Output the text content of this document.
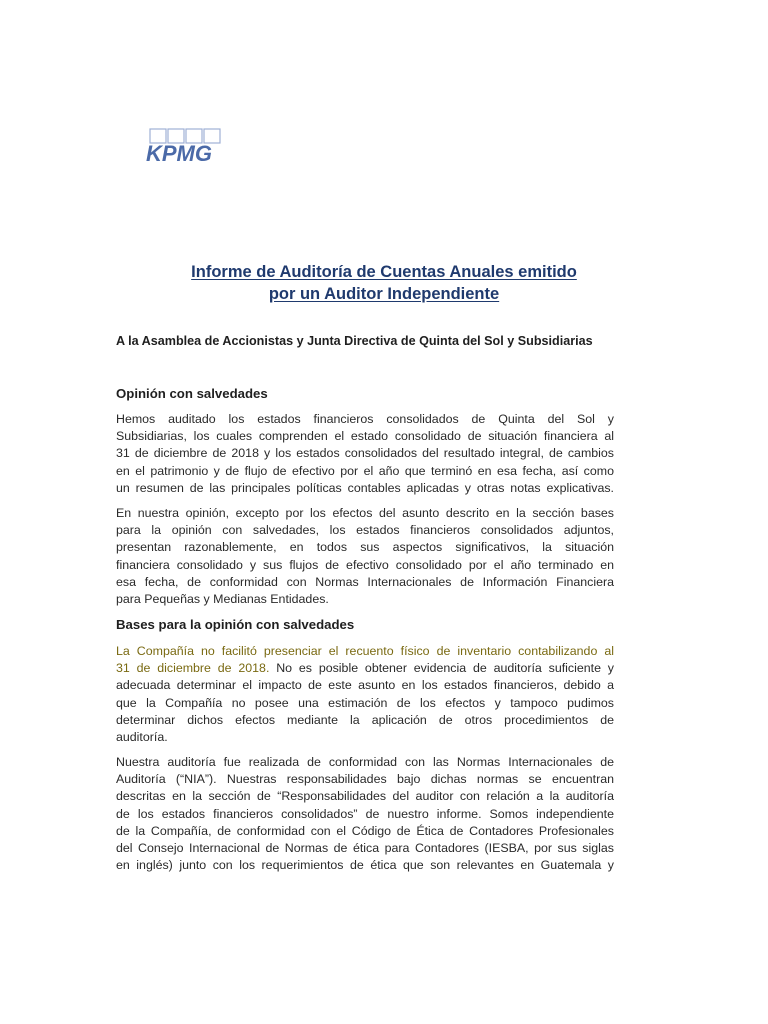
KPMG
Informe de Auditoría de Cuentas Anuales emitido
por un Auditor Independiente
A la Asamblea de Accionistas y Junta Directiva de Quinta del Sol y Subsidiarias
Opinión con salvedades
Hemos auditado los estados financieros consolidados de Quinta del Sol y
Subsidiarias, los cuales comprenden el estado consolidado de situación financiera al
31 de diciembre de 2018 y los estados consolidados del resultado integral, de cambios
en el patrimonio y de flujo de efectivo por el año que terminó en esa fecha, así como
un resumen de las principales políticas contables aplicadas y otras notas explicativas.
En nuestra opinión, excepto por los efectos del asunto descrito en la sección bases
para la opinión con salvedades, los estados financieros consolidados adjuntos,
presentan razonablemente, en todos sus aspectos significativos, la situación
financiera consolidado y sus flujos de efectivo consolidado por el año terminado en
esa fecha, de conformidad con Normas Internacionales de Información Financiera
para Pequeñas y Medianas Entidades.
Bases para la opinión con salvedades
La Compañía no facilitó presenciar el recuento físico de inventario contabilizando al
31 de diciembre de 2018. No es posible obtener evidencia de auditoría suficiente y
adecuada determinar el impacto de este asunto en los estados financieros, debido a
que la Compañía no posee una estimación de los efectos y tampoco pudimos
determinar dichos efectos mediante la aplicación de otros procedimientos de
auditoría.
Nuestra auditoría fue realizada de conformidad con las Normas Internacionales de
Auditoría (“NIA”). Nuestras responsabilidades bajo dichas normas se encuentran
descritas en la sección de “Responsabilidades del auditor con relación a la auditoría
de los estados financieros consolidados” de nuestro informe. Somos independiente
de la Compañía, de conformidad con el Código de Ética de Contadores Profesionales
del Consejo Internacional de Normas de ética para Contadores (IESBA, por sus siglas
en inglés) junto con los requerimientos de ética que son relevantes en Guatemala y
